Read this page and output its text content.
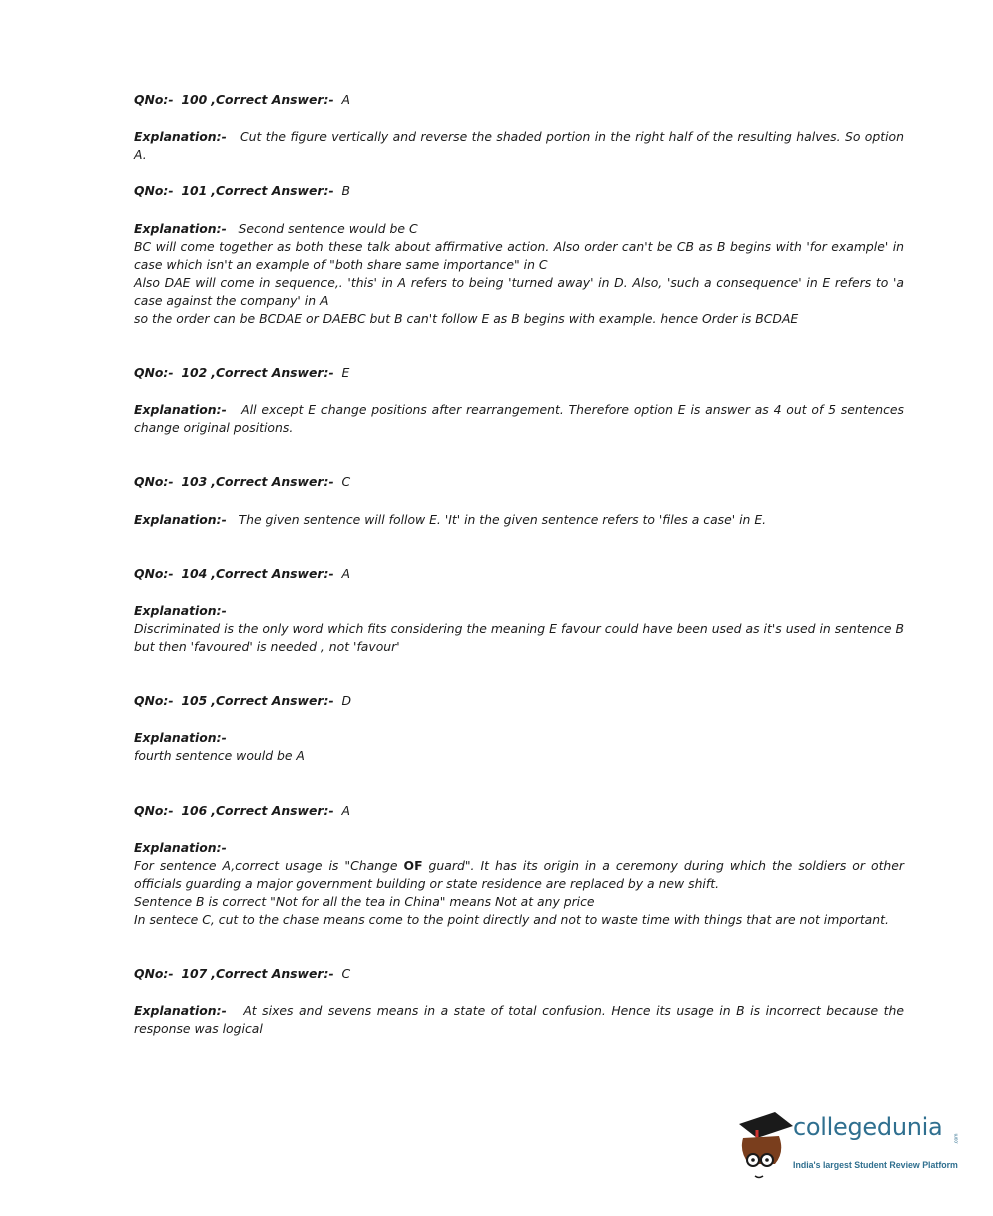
QNo:- 100 ,Correct Answer:- A
Explanation:- Cut the figure vertically and reverse the shaded portion in the right half of the resulting halves. So option A.
QNo:- 101 ,Correct Answer:- B
Explanation:- Second sentence would be C
BC will come together as both these talk about affirmative action. Also order can't be CB as B begins with 'for example' in case which isn't an example of "both share same importance" in C
Also DAE will come in sequence,. 'this' in A refers to being 'turned away' in D. Also, 'such a consequence' in E refers to 'a case against the company' in A
so the order can be BCDAE or DAEBC but B can't follow E as B begins with example. hence Order is BCDAE
QNo:- 102 ,Correct Answer:- E
Explanation:- All except E change positions after rearrangement. Therefore option E is answer as 4 out of 5 sentences change original positions.
QNo:- 103 ,Correct Answer:- C
Explanation:- The given sentence will follow E. 'It' in the given sentence refers to 'files a case' in E.
QNo:- 104 ,Correct Answer:- A
Explanation:-
Discriminated is the only word which fits considering the meaning E favour could have been used as it's used in sentence B but then 'favoured' is needed , not 'favour'
QNo:- 105 ,Correct Answer:- D
Explanation:-
fourth sentence would be A
QNo:- 106 ,Correct Answer:- A
Explanation:-
For sentence A,correct usage is "Change OF guard". It has its origin in a ceremony during which the soldiers or other officials guarding a major government building or state residence are replaced by a new shift.
Sentence B is correct "Not for all the tea in China" means Not at any price
In sentece C, cut to the chase means come to the point directly and not to waste time with things that are not important.
QNo:- 107 ,Correct Answer:- C
Explanation:- At sixes and sevens means in a state of total confusion. Hence its usage in B is incorrect because the response was logical
collegedunia	.com
India's largest Student Review Platform
